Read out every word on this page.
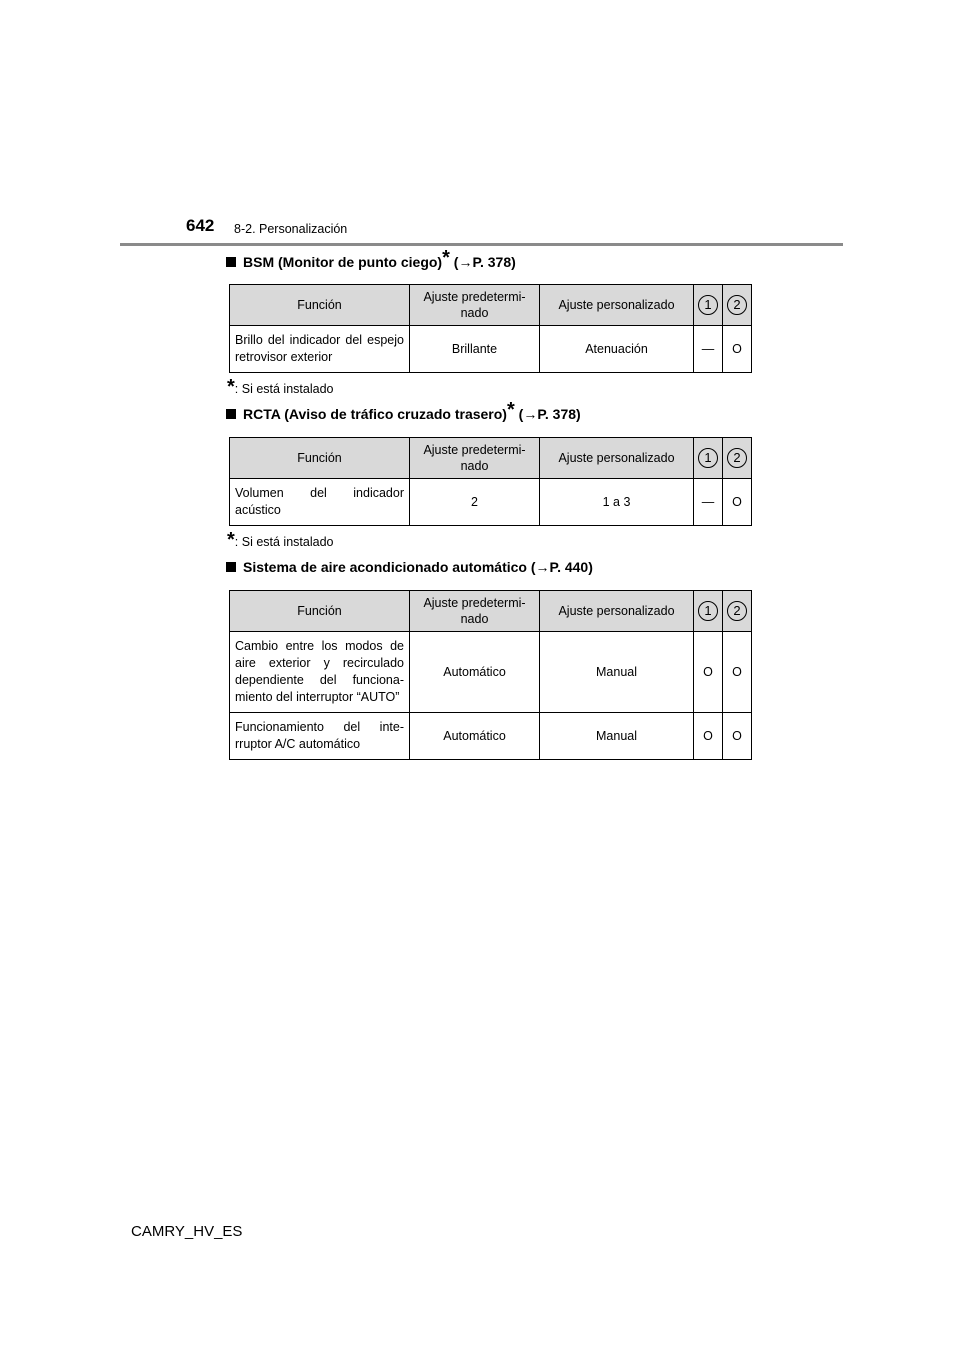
642 8-2. Personalización
BSM (Monitor de punto ciego)* (→P. 378)
Función	Ajuste predetermi-nado	Ajuste personalizado	1	2
Brillo del indicador del espejo retrovisor exterior	Brillante	Atenuación	—	O
*: Si está instalado
RCTA (Aviso de tráfico cruzado trasero)* (→P. 378)
Función	Ajuste predetermi-nado	Ajuste personalizado	1	2
Volumen del indicador acústico	2	1 a 3	—	O
*: Si está instalado
Sistema de aire acondicionado automático (→P. 440)
Función	Ajuste predetermi-nado	Ajuste personalizado	1	2
Cambio entre los modos de aire exterior y recirculado dependiente del funciona-miento del interruptor “AUTO”	Automático	Manual	O	O
Funcionamiento del inte-rruptor A/C automático	Automático	Manual	O	O
CAMRY_HV_ES
